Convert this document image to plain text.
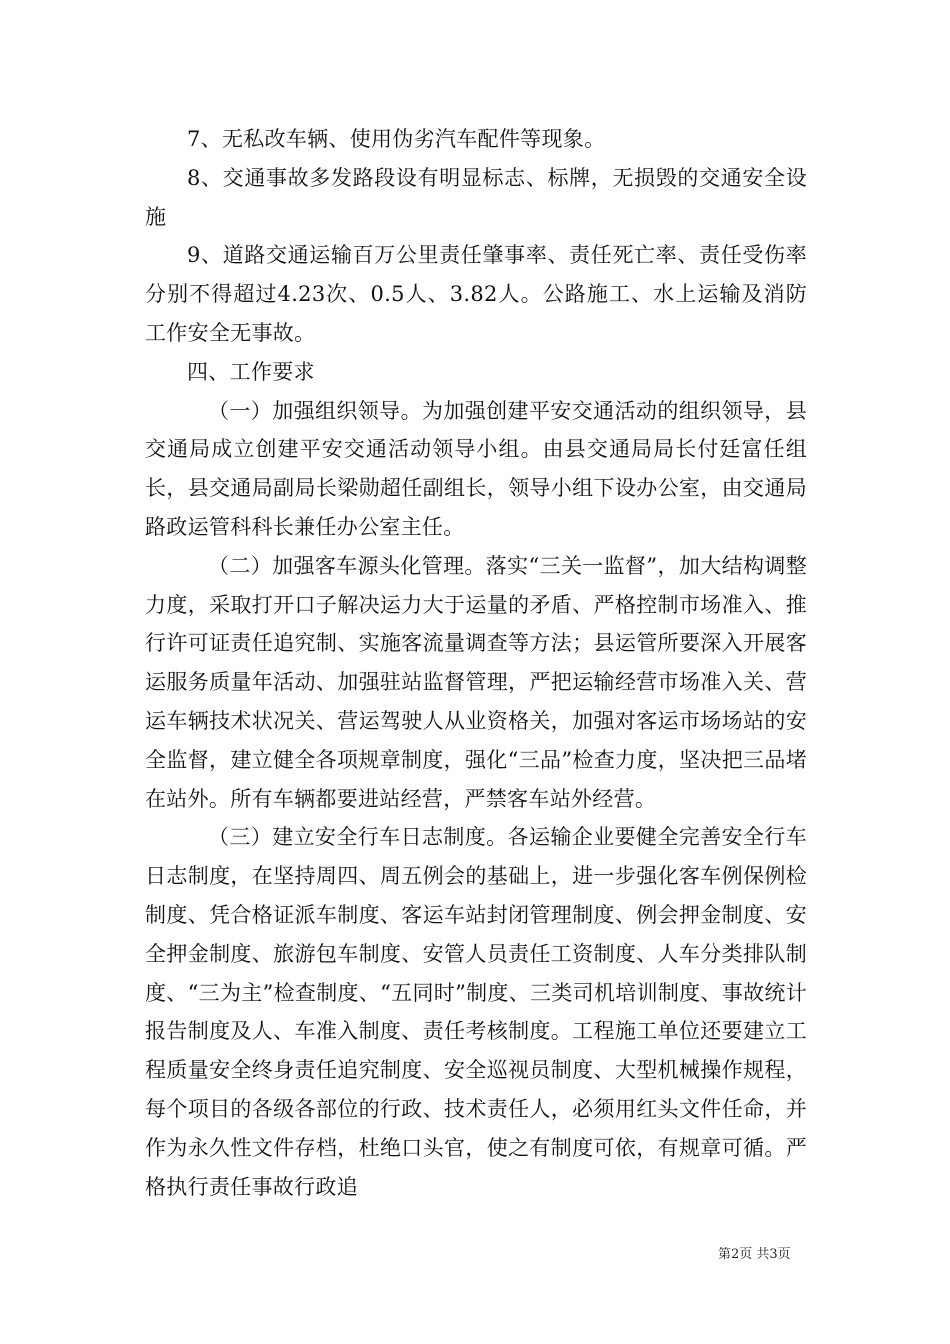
7、无私改车辆、使用伪劣汽车配件等现象。

8、交通事故多发路段设有明显标志、标牌，无损毁的交通安全设施

9、道路交通运输百万公里责任肇事率、责任死亡率、责任受伤率分别不得超过4.23次、0.5人、3.82人。公路施工、水上运输及消防工作安全无事故。

四、工作要求

（一）加强组织领导。为加强创建平安交通活动的组织领导，县交通局成立创建平安交通活动领导小组。由县交通局局长付廷富任组长，县交通局副局长梁勋超任副组长，领导小组下设办公室，由交通局路政运管科科长兼任办公室主任。

（二）加强客车源头化管理。落实“三关一监督”，加大结构调整力度，采取打开口子解决运力大于运量的矛盾、严格控制市场准入、推行许可证责任追究制、实施客流量调查等方法；县运管所要深入开展客运服务质量年活动、加强驻站监督管理，严把运输经营市场准入关、营运车辆技术状况关、营运驾驶人从业资格关，加强对客运市场场站的安全监督，建立健全各项规章制度，强化“三品”检查力度，坚决把三品堵在站外。所有车辆都要进站经营，严禁客车站外经营。

（三）建立安全行车日志制度。各运输企业要健全完善安全行车日志制度，在坚持周四、周五例会的基础上，进一步强化客车例保例检制度、凭合格证派车制度、客运车站封闭管理制度、例会押金制度、安全押金制度、旅游包车制度、安管人员责任工资制度、人车分类排队制度、“三为主”检查制度、“五同时”制度、三类司机培训制度、事故统计报告制度及人、车准入制度、责任考核制度。工程施工单位还要建立工程质量安全终身责任追究制度、安全巡视员制度、大型机械操作规程，每个项目的各级各部位的行政、技术责任人，必须用红头文件任命，并作为永久性文件存档，杜绝口头官，使之有制度可依，有规章可循。严格执行责任事故行政追

第2页 共3页
